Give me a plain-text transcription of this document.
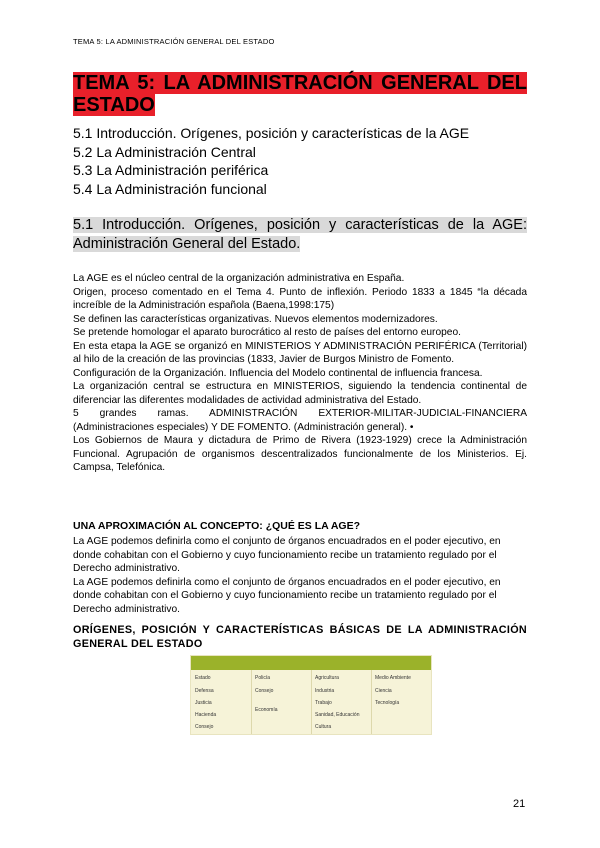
TEMA 5: LA ADMINISTRACIÓN GENERAL DEL ESTADO
TEMA 5: LA ADMINISTRACIÓN GENERAL DEL
ESTADO
5.1 Introducción. Orígenes, posición y características de la AGE
5.2 La Administración Central
5.3 La Administración periférica
5.4 La Administración funcional
5.1 Introducción. Orígenes, posición y características de la AGE: Administración General del Estado.

La AGE es el núcleo central de la organización administrativa en España.

Origen, proceso comentado en el Tema 4. Punto de inflexión. Periodo 1833 a 1845 “la década increíble de la Administración española (Baena,1998:175)

Se definen las características organizativas. Nuevos elementos modernizadores.

Se pretende homologar el aparato burocrático al resto de países del entorno europeo.

En esta etapa la AGE se organizó en MINISTERIOS Y ADMINISTRACIÓN PERIFÉRICA (Territorial) al hilo de la creación de las provincias (1833, Javier de Burgos Ministro de Fomento.

Configuración de la Organización. Influencia del Modelo continental de influencia francesa.

La organización central se estructura en MINISTERIOS, siguiendo la tendencia continental de diferenciar las diferentes modalidades de actividad administrativa del Estado.

5 grandes ramas. ADMINISTRACIÓN EXTERIOR-MILITAR-JUDICIAL-FINANCIERA (Administraciones especiales) Y DE FOMENTO. (Administración general). •

Los Gobiernos de Maura y dictadura de Primo de Rivera (1923-1929) crece la Administración Funcional. Agrupación de organismos descentralizados funcionalmente de los Ministerios. Ej. Campsa, Telefónica.

UNA APROXIMACIÓN AL CONCEPTO: ¿QUÉ ES LA AGE?

La AGE podemos definirla como el conjunto de órganos encuadrados en el poder ejecutivo, en donde cohabitan con el Gobierno y cuyo funcionamiento recibe un tratamiento regulado por el Derecho administrativo.

La AGE podemos definirla como el conjunto de órganos encuadrados en el poder ejecutivo, en donde cohabitan con el Gobierno y cuyo funcionamiento recibe un tratamiento regulado por el Derecho administrativo.

ORÍGENES, POSICIÓN Y CARACTERÍSTICAS BÁSICAS DE LA ADMINISTRACIÓN GENERAL DEL ESTADO
Estado
Defensa
Justicia
Hacienda
Consejo
Policía
Consejo
Economía
Agricultura
Industria
Trabajo
Sanidad, Educación
Cultura
Medio Ambiente
Ciencia
Tecnología
21
